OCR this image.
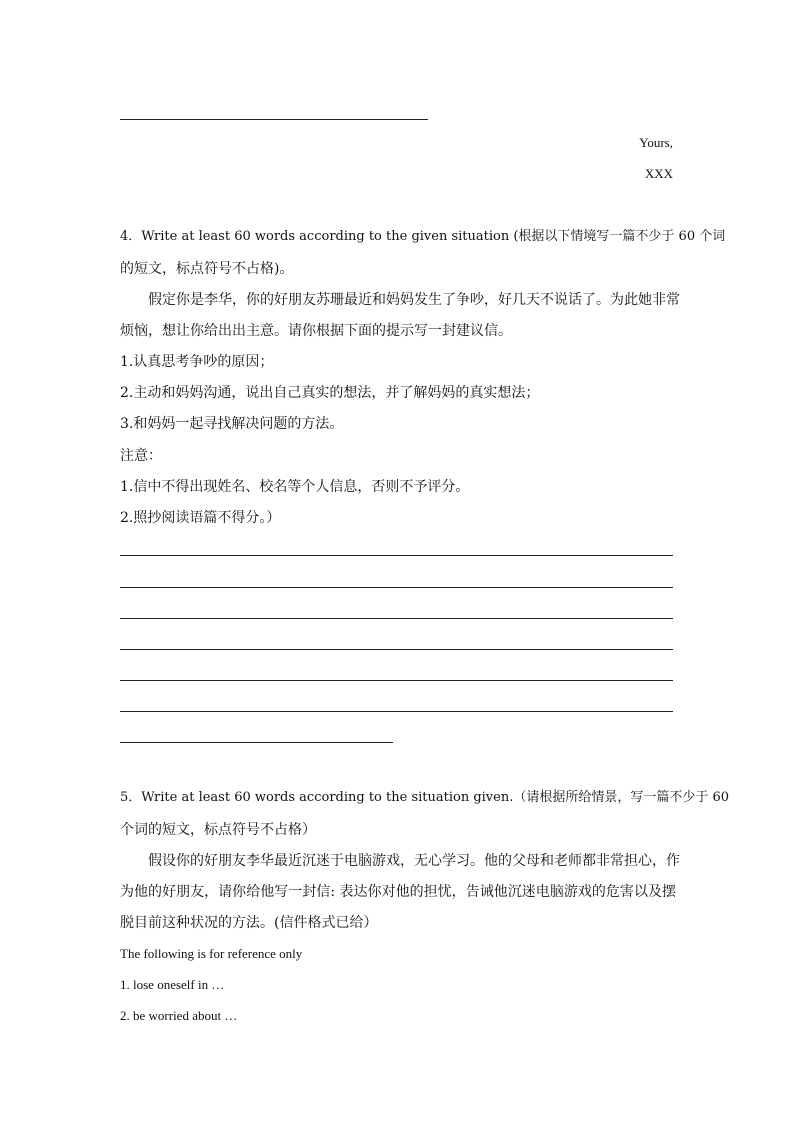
Yours,
XXX
4．Write at least 60 words according to the given situation (根据以下情境写一篇不少于 60 个词
的短文，标点符号不占格)。
假定你是李华，你的好朋友苏珊最近和妈妈发生了争吵，好几天不说话了。为此她非常
烦恼，想让你给出出主意。请你根据下面的提示写一封建议信。
1.认真思考争吵的原因；
2.主动和妈妈沟通，说出自己真实的想法，并了解妈妈的真实想法；
3.和妈妈一起寻找解决问题的方法。
注意：
1.信中不得出现姓名、校名等个人信息，否则不予评分。
2.照抄阅读语篇不得分。）
5．Write at least 60 words according to the situation given.（请根据所给情景，写一篇不少于 60
个词的短文，标点符号不占格）
假设你的好朋友李华最近沉迷于电脑游戏，无心学习。他的父母和老师都非常担心，作
为他的好朋友，请你给他写一封信: 表达你对他的担忧，告诫他沉迷电脑游戏的危害以及摆
脱目前这种状况的方法。(信件格式已给）
The following is for reference only
1. lose oneself in …
2. be worried about …
